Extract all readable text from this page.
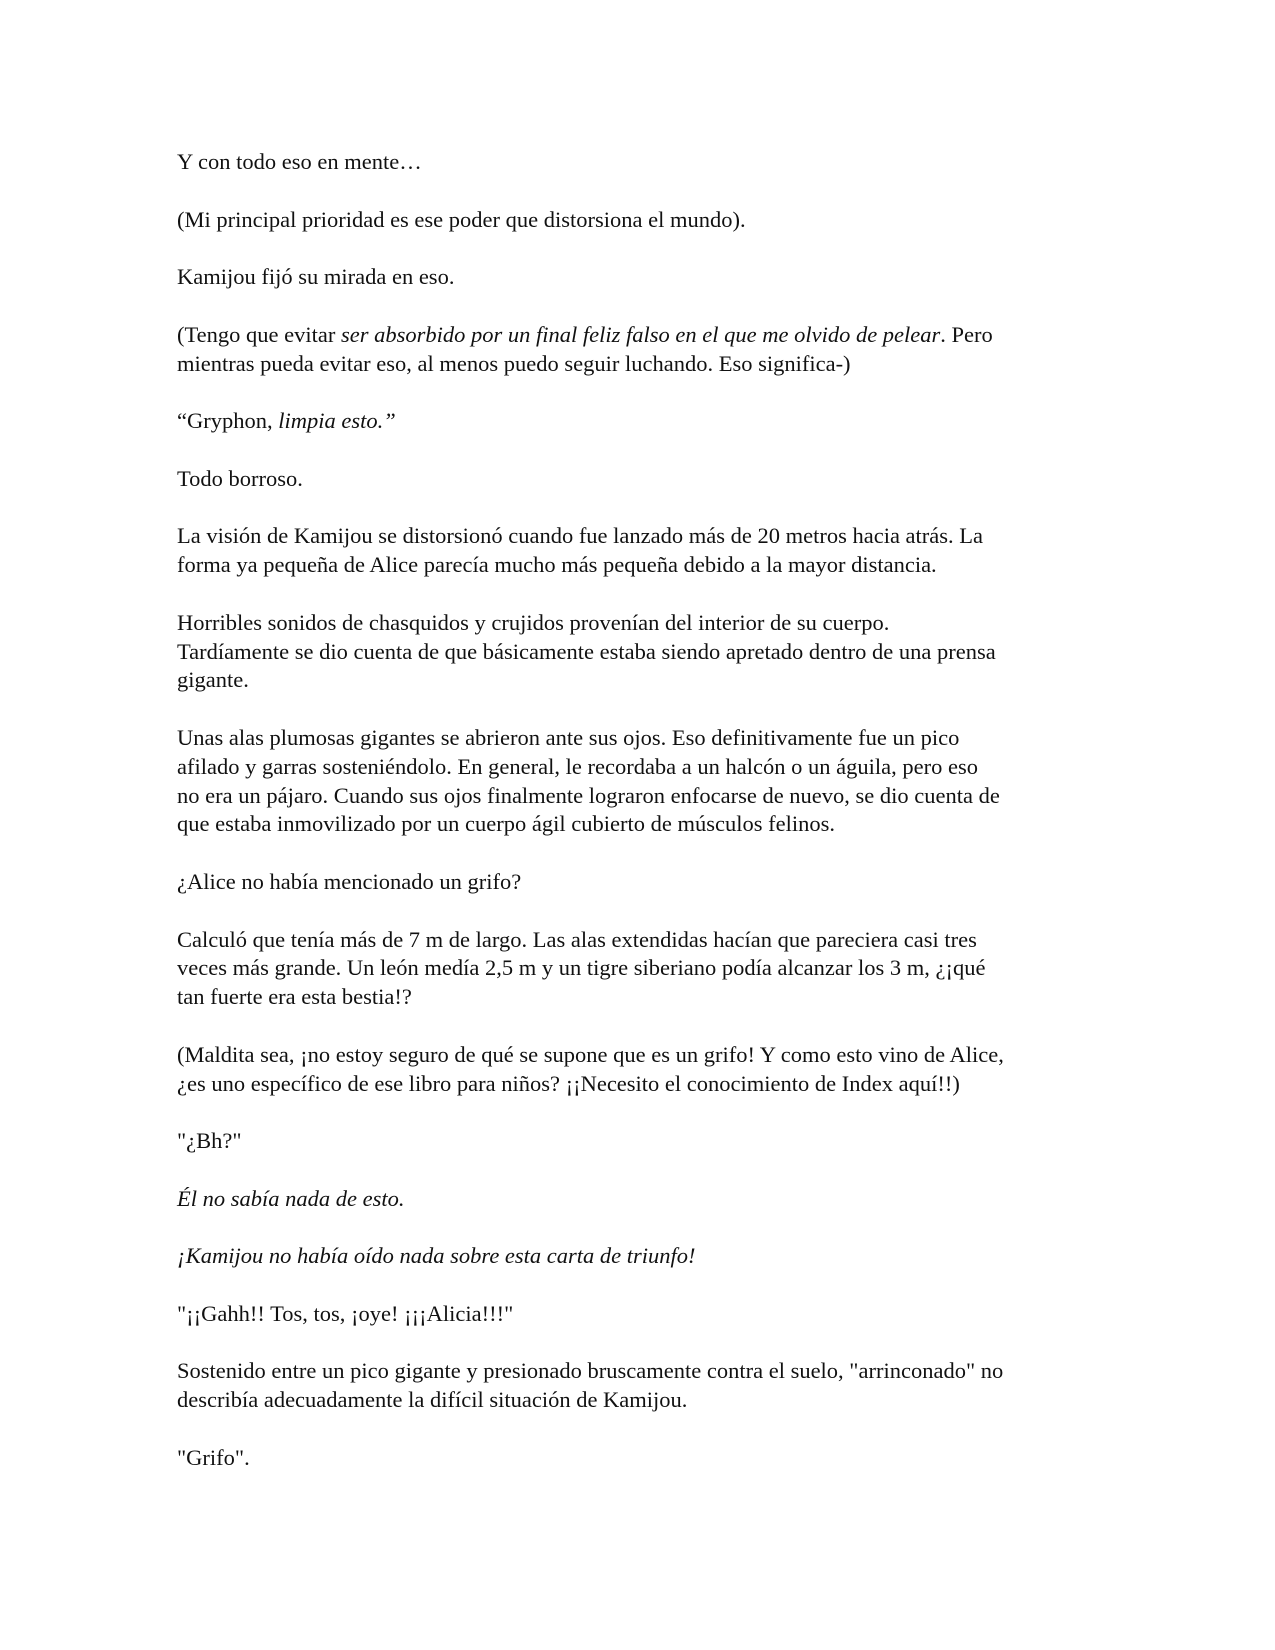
Y con todo eso en mente…

(Mi principal prioridad es ese poder que distorsiona el mundo).

Kamijou fijó su mirada en eso.

(Tengo que evitar ser absorbido por un final feliz falso en el que me olvido de pelear. Pero
mientras pueda evitar eso, al menos puedo seguir luchando. Eso significa-)

“Gryphon, limpia esto.”

Todo borroso.

La visión de Kamijou se distorsionó cuando fue lanzado más de 20 metros hacia atrás. La
forma ya pequeña de Alice parecía mucho más pequeña debido a la mayor distancia.

Horribles sonidos de chasquidos y crujidos provenían del interior de su cuerpo.
Tardíamente se dio cuenta de que básicamente estaba siendo apretado dentro de una prensa
gigante.

Unas alas plumosas gigantes se abrieron ante sus ojos. Eso definitivamente fue un pico
afilado y garras sosteniéndolo. En general, le recordaba a un halcón o un águila, pero eso
no era un pájaro. Cuando sus ojos finalmente lograron enfocarse de nuevo, se dio cuenta de
que estaba inmovilizado por un cuerpo ágil cubierto de músculos felinos.

¿Alice no había mencionado un grifo?

Calculó que tenía más de 7 m de largo. Las alas extendidas hacían que pareciera casi tres
veces más grande. Un león medía 2,5 m y un tigre siberiano podía alcanzar los 3 m, ¿¡qué
tan fuerte era esta bestia!?

(Maldita sea, ¡no estoy seguro de qué se supone que es un grifo! Y como esto vino de Alice,
¿es uno específico de ese libro para niños? ¡¡Necesito el conocimiento de Index aquí!!)

"¿Bh?"

Él no sabía nada de esto.

¡Kamijou no había oído nada sobre esta carta de triunfo!

"¡¡Gahh!! Tos, tos, ¡oye! ¡¡¡Alicia!!!"

Sostenido entre un pico gigante y presionado bruscamente contra el suelo, "arrinconado" no
describía adecuadamente la difícil situación de Kamijou.

"Grifo".
